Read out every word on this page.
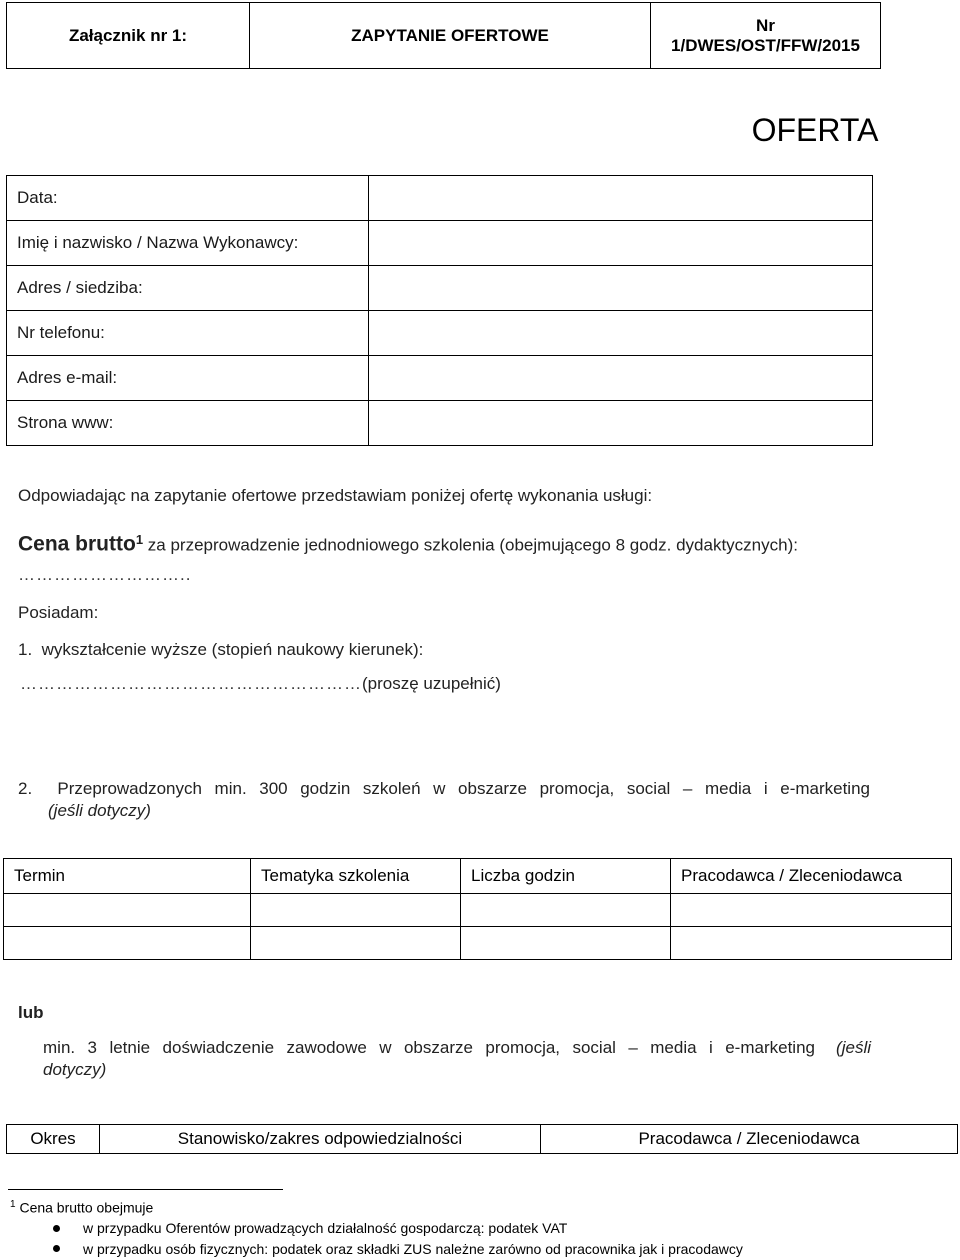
Załącznik nr 1:	ZAPYTANIE OFERTOWE	Nr
1/DWES/OST/FFW/2015
OFERTA
Data:	
Imię i nazwisko / Nazwa Wykonawcy:	
Adres / siedziba:	
Nr telefonu:	
Adres e-mail:	
Strona www:	
Odpowiadając na zapytanie ofertowe przedstawiam poniżej ofertę wykonania usługi:
Cena brutto$^1$ za przeprowadzenie jednodniowego szkolenia (obejmującego 8 godz. dydaktycznych):
………………………..
Posiadam:
1.  wykształcenie wyższe (stopień naukowy kierunek):
…………………………………………………(proszę uzupełnić)
2.  Przeprowadzonych min. 300 godzin szkoleń w obszarze promocja, social – media i e-marketing
(jeśli dotyczy)
Termin	Tematyka szkolenia	Liczba godzin	Pracodawca / Zleceniodawca

lub
min. 3 letnie doświadczenie zawodowe w obszarze promocja, social – media i e-marketing (jeśli
dotyczy)
Okres	Stanowisko/zakres odpowiedzialności	Pracodawca / Zleceniodawca
$^1$ Cena brutto obejmuje
w przypadku Oferentów prowadzących działalność gospodarczą: podatek VAT
w przypadku osób fizycznych: podatek oraz składki ZUS należne zarówno od pracownika jak i pracodawcy
